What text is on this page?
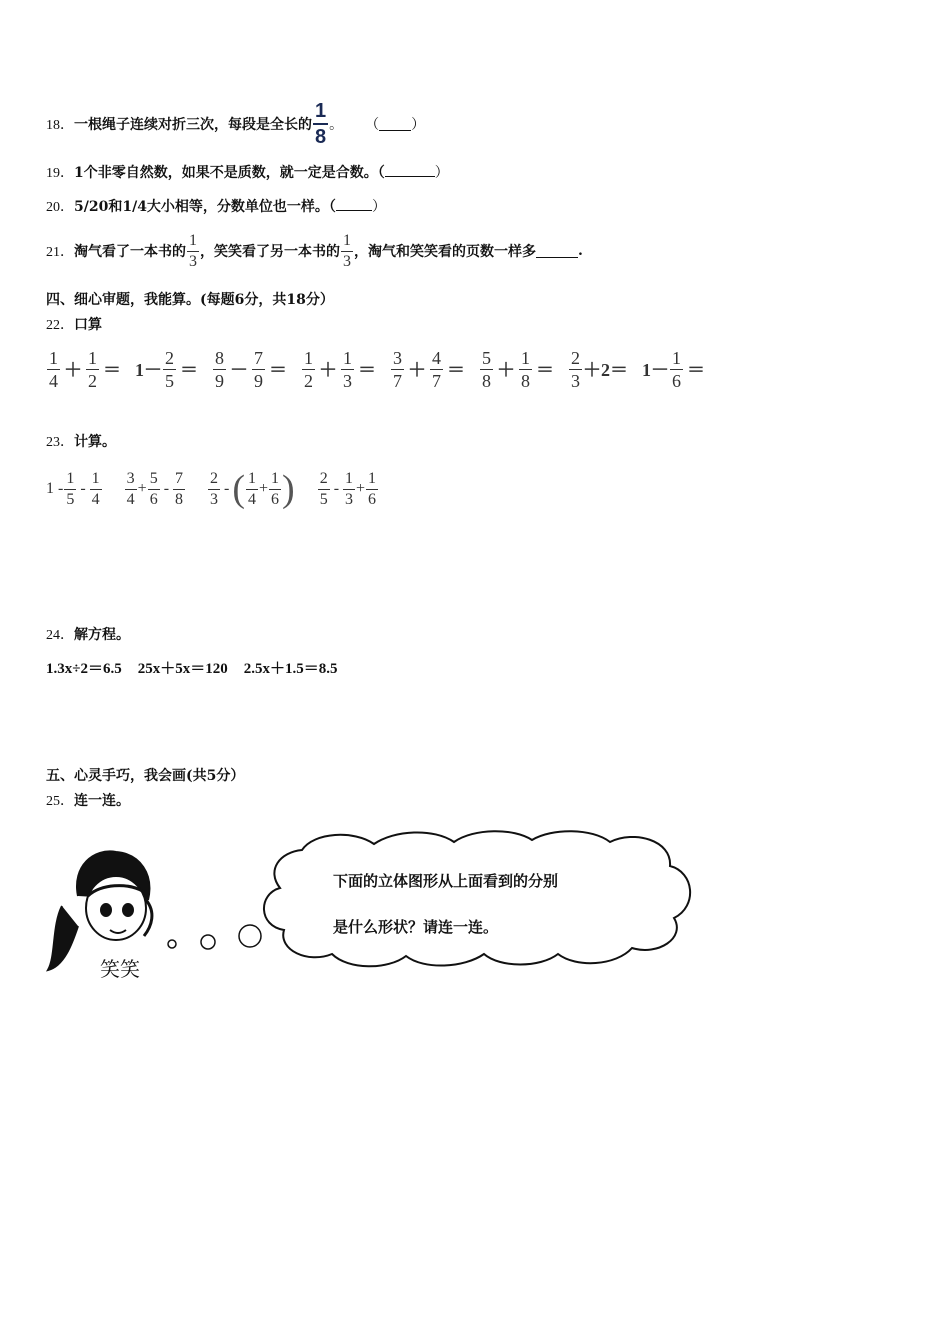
18． 一根绳子连续对折三次，每段是全长的 $\frac{1}{8}$ 。 （ ）
19．1个非零自然数，如果不是质数，就一定是合数。（	）
20．5/20和1/4大小相等，分数单位也一样。（	）
21． 淘气看了一本书的 $\frac{1}{3}$ ，笑笑看了另一本书的 $\frac{1}{3}$ ，淘气和笑笑看的页数一样多	.
四、细心审题，我能算。(每题6分，共18分）
22．口算
$\frac{1}{4} + \frac{1}{2} = 1- \frac{2}{5} = \frac{8}{9} - \frac{7}{9} = \frac{1}{2} + \frac{1}{3} = \frac{3}{7} + \frac{4}{7} = \frac{5}{8} + \frac{1}{8} = \frac{2}{3} +2= 1- \frac{1}{6}$ ＝
23．计算。
$1 - \frac{1}{5} - \frac{1}{4} \frac{3}{4} + \frac{5}{6} - \frac{7}{8} \frac{2}{3}$ - ( $\frac{1}{4} + \frac{1}{6}$ ) $\frac{2}{5} - \frac{1}{3} + \frac{1}{6}$
24．解方程。
1.3x÷2＝6.5 25x＋5x＝120 2.5x＋1.5＝8.5
五、心灵手巧，我会画(共5分）
25．连一连。
笑笑
下面的立体图形从上面看到的分别
是什么形状？请连一连。
